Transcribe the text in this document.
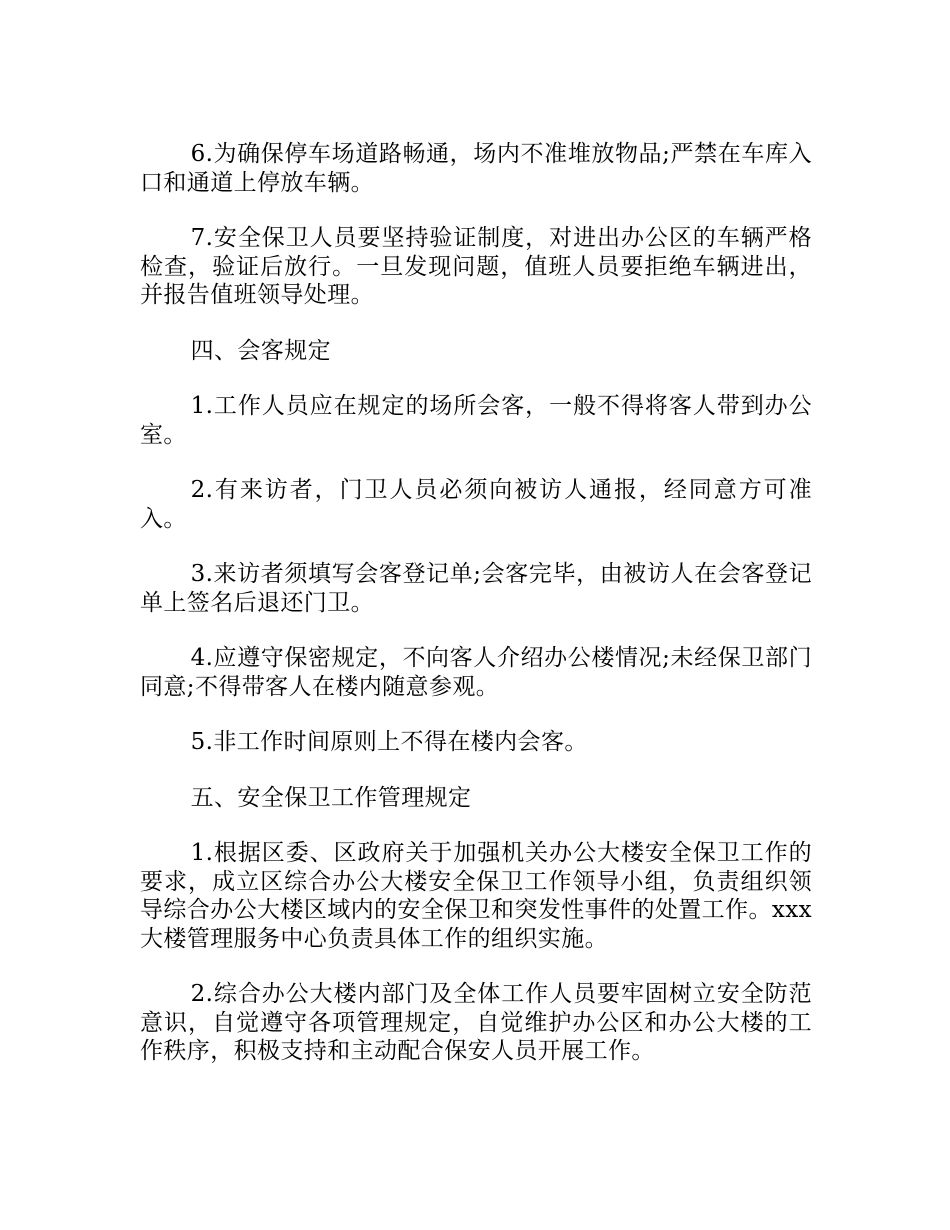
6.为确保停车场道路畅通，场内不准堆放物品;严禁在车库入口和通道上停放车辆。

7.安全保卫人员要坚持验证制度，对进出办公区的车辆严格检查，验证后放行。一旦发现问题，值班人员要拒绝车辆进出，并报告值班领导处理。

四、会客规定

1.工作人员应在规定的场所会客，一般不得将客人带到办公室。

2.有来访者，门卫人员必须向被访人通报，经同意方可准入。

3.来访者须填写会客登记单;会客完毕，由被访人在会客登记单上签名后退还门卫。

4.应遵守保密规定，不向客人介绍办公楼情况;未经保卫部门同意;不得带客人在楼内随意参观。

5.非工作时间原则上不得在楼内会客。

五、安全保卫工作管理规定

1.根据区委、区政府关于加强机关办公大楼安全保卫工作的要求，成立区综合办公大楼安全保卫工作领导小组，负责组织领导综合办公大楼区域内的安全保卫和突发性事件的处置工作。xxx大楼管理服务中心负责具体工作的组织实施。

2.综合办公大楼内部门及全体工作人员要牢固树立安全防范意识，自觉遵守各项管理规定，自觉维护办公区和办公大楼的工作秩序，积极支持和主动配合保安人员开展工作。
